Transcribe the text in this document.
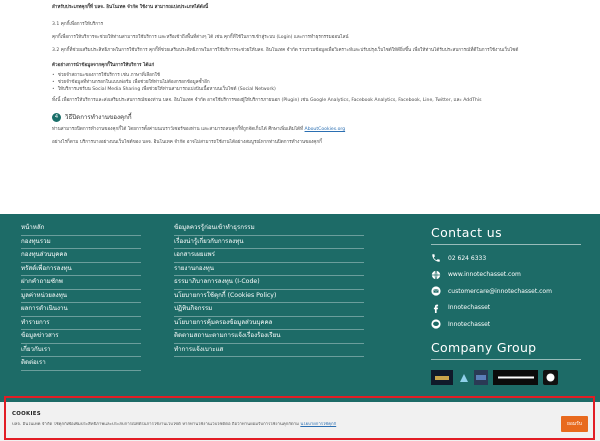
สำหรับประเภทคุกกี้ที่ บลจ. อินโนเทค จำกัด ใช้งาน สามารถแบ่งประเภทได้ดังนี้

3.1 คุกกี้เพื่อการให้บริการ

คุกกี้เพื่อการให้บริการจะช่วยให้ท่านสามารถใช้บริการ และหรือเข้าถึงพื้นที่ต่างๆ ได้ เช่น คุกกี้ที่ใช้ในการเข้าสู่ระบบ (Login) และการทำธุรกรรมออนไลน์

3.2 คุกกี้ที่ช่วยเสริมประสิทธิภาพในการใช้บริการ คุกกี้ที่ช่วยเสริมประสิทธิภาพในการใช้บริการจะช่วยให้บลจ. อินโนเทค จำกัด รวบรวมข้อมูลเพื่อวิเคราะห์และปรับปรุงเว็บไซต์ให้ดียิ่งขึ้น เพื่อให้ท่านได้รับประสบการณ์ที่ดีในการใช้งานเว็บไซต์

ตัวอย่างการนำข้อมูลจากคุกกี้ในการให้บริการ ได้แก่

• ช่วยจำสถานะของการใช้บริการ เช่น ภาษาที่เลือกใช้
• ช่วยจำข้อมูลที่ท่านกรอกในแบบฟอร์ม เพื่อช่วยให้ท่านไม่ต้องกรอกข้อมูลซ้ำอีก
• ให้บริการแชร์บน Social Media Sharing เพื่อช่วยให้ท่านสามารถแบ่งปันเนื้อหาบนเว็บไซต์ (Social Network)

ทั้งนี้ เพื่อการให้บริการและส่งเสริมประสบการณ์ของท่าน บลจ. อินโนเทค จำกัด อาจใช้บริการของผู้ให้บริการภายนอก (Plugin) เช่น Google Analytics, Facebook Analytics, Facebook, Line, Twitter, และ AddThis

4	วิธีปิดการทำงานของคุกกี้

ท่านสามารถปิดการทำงานของคุกกี้ได้ โดยการตั้งค่าบนเบราว์เซอร์ของท่าน และสามารถลบคุกกี้ที่ถูกจัดเก็บได้ ศึกษาเพิ่มเติมได้ที่ AboutCookies.org

อย่างไรก็ตาม บริการบางอย่างบนเว็บไซต์ของ บลจ. อินโนเทค จำกัด อาจไม่สามารถใช้งานได้อย่างสมบูรณ์หากท่านปิดการทำงานของคุกกี้

หน้าหลัก
กองทุนรวม
กองทุนส่วนบุคคล
ทรัสต์เพื่อการลงทุน
ฝากคำถามซักพ
มูลค่าหน่วยลงทุน
ผลการดำเนินงาน
ทำรายการ
ข้อมูลข่าวสาร
เกี่ยวกับเรา
ติดต่อเรา
ข้อมูลควรรู้ก่อนเข้าทำธุรกรรม
เรื่องน่ารู้เกี่ยวกับการลงทุน
เอกสารเผยแพร่
รายงานกองทุน
ธรรมาภิบาลการลงทุน (I-Code)
นโยบายการใช้คุกกี้ (Cookies Policy)
ปฏิทินกิจกรรม
นโยบายการคุ้มครองข้อมูลส่วนบุคคล
ติดตามสถานะตามการแจ้งเรื่องร้องเรียน
ทำการแจ้งเบาะแส
Contact us
02 624 6333
www.innotechasset.com
customercare@innotechasset.com
Innotechasset
Innotechasset
Company Group
COOKIES
บลจ. อินโนเทค จำกัด ใช้คุกกี้เพื่อเพิ่มประสิทธิภาพและประสบการณ์ที่ดีในการใช้งานเว็บไซต์ หากท่านใช้งานเว็บไซต์ต่อ ถือว่าท่านยอมรับการใช้งานคุกกี้ตาม นโยบายการใช้คุกกี้	ยอมรับ
